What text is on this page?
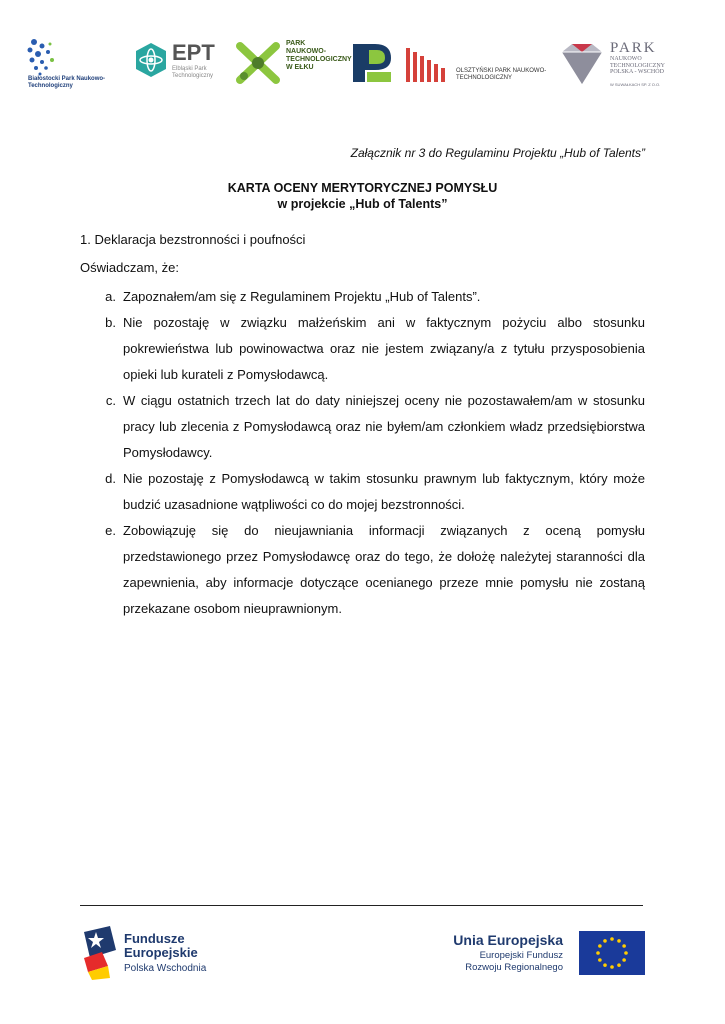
Białostocki Park Naukowo-Technologiczny
EPT
Elbląski Park Technologiczny
PARK NAUKOWO-TECHNOLOGICZNY W EŁKU	OLSZTYŃSKI PARK NAUKOWO-TECHNOLOGICZNY
PARK
NAUKOWO TECHNOLOGICZNY POLSKA - WSCHÓD
W SUWAŁKACH SP. Z O.O.
Załącznik nr 3 do Regulaminu Projektu „Hub of Talents”
KARTA OCENY MERYTORYCZNEJ POMYSŁU
w projekcie „Hub of Talents”
1. Deklaracja bezstronności i poufności
Oświadczam, że:
a. Zapoznałem/am się z Regulaminem Projektu „Hub of Talents”.
b. Nie pozostaję w związku małżeńskim ani w faktycznym pożyciu albo stosunku pokrewieństwa lub powinowactwa oraz nie jestem związany/a z tytułu przysposobienia opieki lub kurateli z Pomysłodawcą.
c. W ciągu ostatnich trzech lat do daty niniejszej oceny nie pozostawałem/am w stosunku pracy lub zlecenia z Pomysłodawcą oraz nie byłem/am członkiem władz przedsiębiorstwa Pomysłodawcy.
d. Nie pozostaję z Pomysłodawcą w takim stosunku prawnym lub faktycznym, który może budzić uzasadnione wątpliwości co do mojej bezstronności.
e. Zobowiązuję się do nieujawniania informacji związanych z oceną pomysłu przedstawionego przez Pomysłodawcę oraz do tego, że dołożę należytej staranności dla zapewnienia, aby informacje dotyczące ocenianego przeze mnie pomysłu nie zostaną przekazane osobom nieuprawnionym.
Fundusze
Europejskie
Polska Wschodnia
Unia Europejska
Europejski Fundusz
Rozwoju Regionalnego
